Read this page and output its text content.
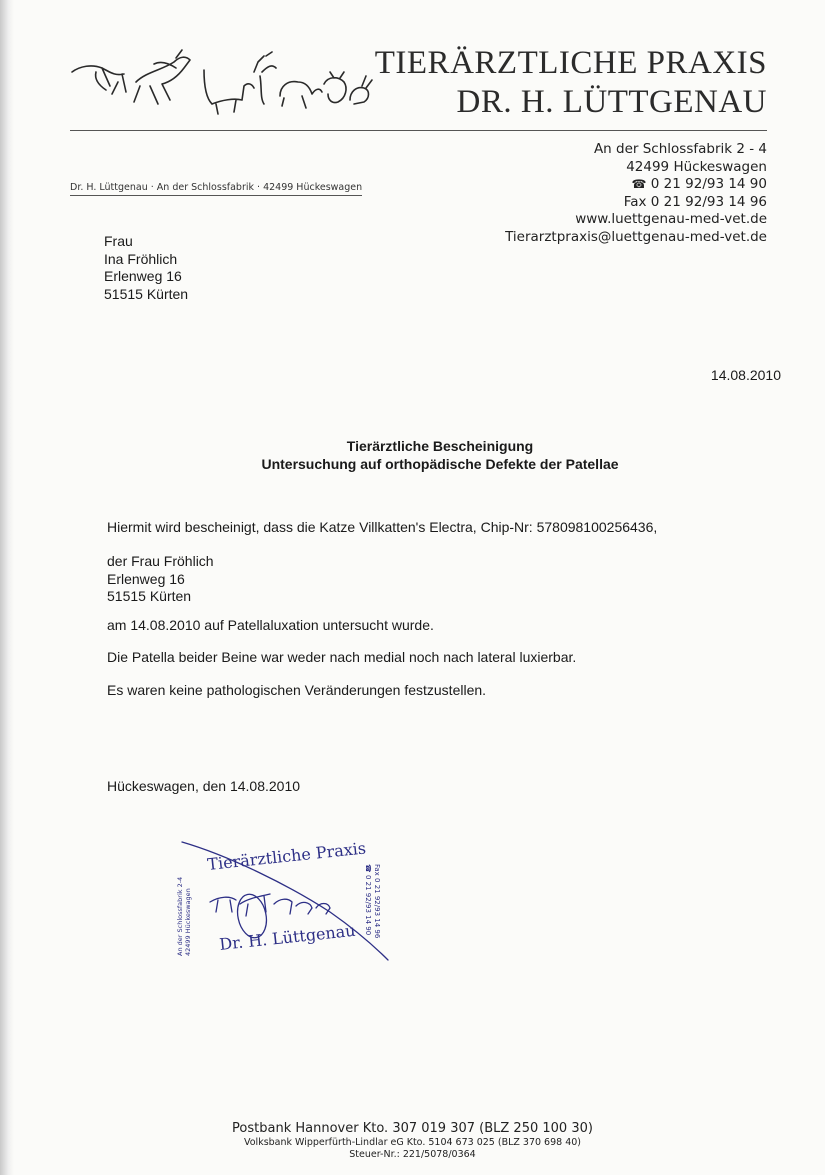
TIERÄRZTLICHE PRAXIS
DR. H. LÜTTGENAU
An der Schlossfabrik 2 - 4
42499 Hückeswagen
☎ 0 21 92/93 14 90
Fax 0 21 92/93 14 96
www.luettgenau-med-vet.de
Tierarztpraxis@luettgenau-med-vet.de
Dr. H. Lüttgenau · An der Schlossfabrik · 42499 Hückeswagen
Frau
Ina Fröhlich
Erlenweg 16
51515 Kürten
14.08.2010
Tierärztliche Bescheinigung
Untersuchung auf orthopädische Defekte der Patellae
Hiermit wird bescheinigt, dass die Katze Villkatten's Electra, Chip-Nr: 578098100256436,
der Frau Fröhlich
Erlenweg 16
51515 Kürten
am 14.08.2010 auf Patellaluxation untersucht wurde.
Die Patella beider Beine war weder nach medial noch nach lateral luxierbar.
Es waren keine pathologischen Veränderungen festzustellen.
Hückeswagen, den 14.08.2010
Tierärztliche Praxis
Dr. H. Lüttgenau
An der Schlossfabrik 2-4 42499 Hückeswagen	☎ 0 21 92/93 14 90 Fax 0 21 92/93 14 96
Postbank Hannover Kto. 307 019 307 (BLZ 250 100 30)
Volksbank Wipperfürth-Lindlar eG Kto. 5104 673 025 (BLZ 370 698 40)
Steuer-Nr.: 221/5078/0364
